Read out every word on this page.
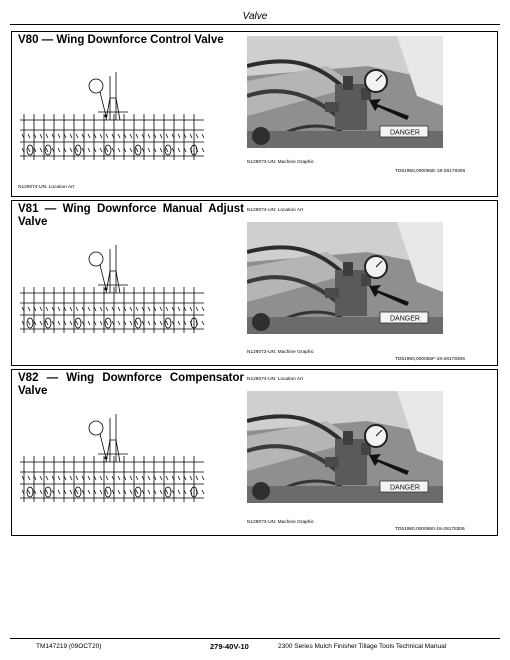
Valve
V80 — Wing Downforce Control Valve
N129074-UN: Location Art
DANGER
N129073-UN: Machine Graphic
TD51960,000055E-19-28178306
V81 — Wing Downforce Manual Adjust Valve
N129074-UN: Location Art
DANGER
N129073-UN: Machine Graphic
TD51960,000055F-19-28178306
V82 — Wing Downforce Compensator Valve
N129074-UN: Location Art
DANGER
N129073-UN: Machine Graphic
TD51960,0000560-19-28178306
TM147219 (09OCT20)	279-40V-10	2300 Series Mulch Finisher Tillage Tools Technical Manual
